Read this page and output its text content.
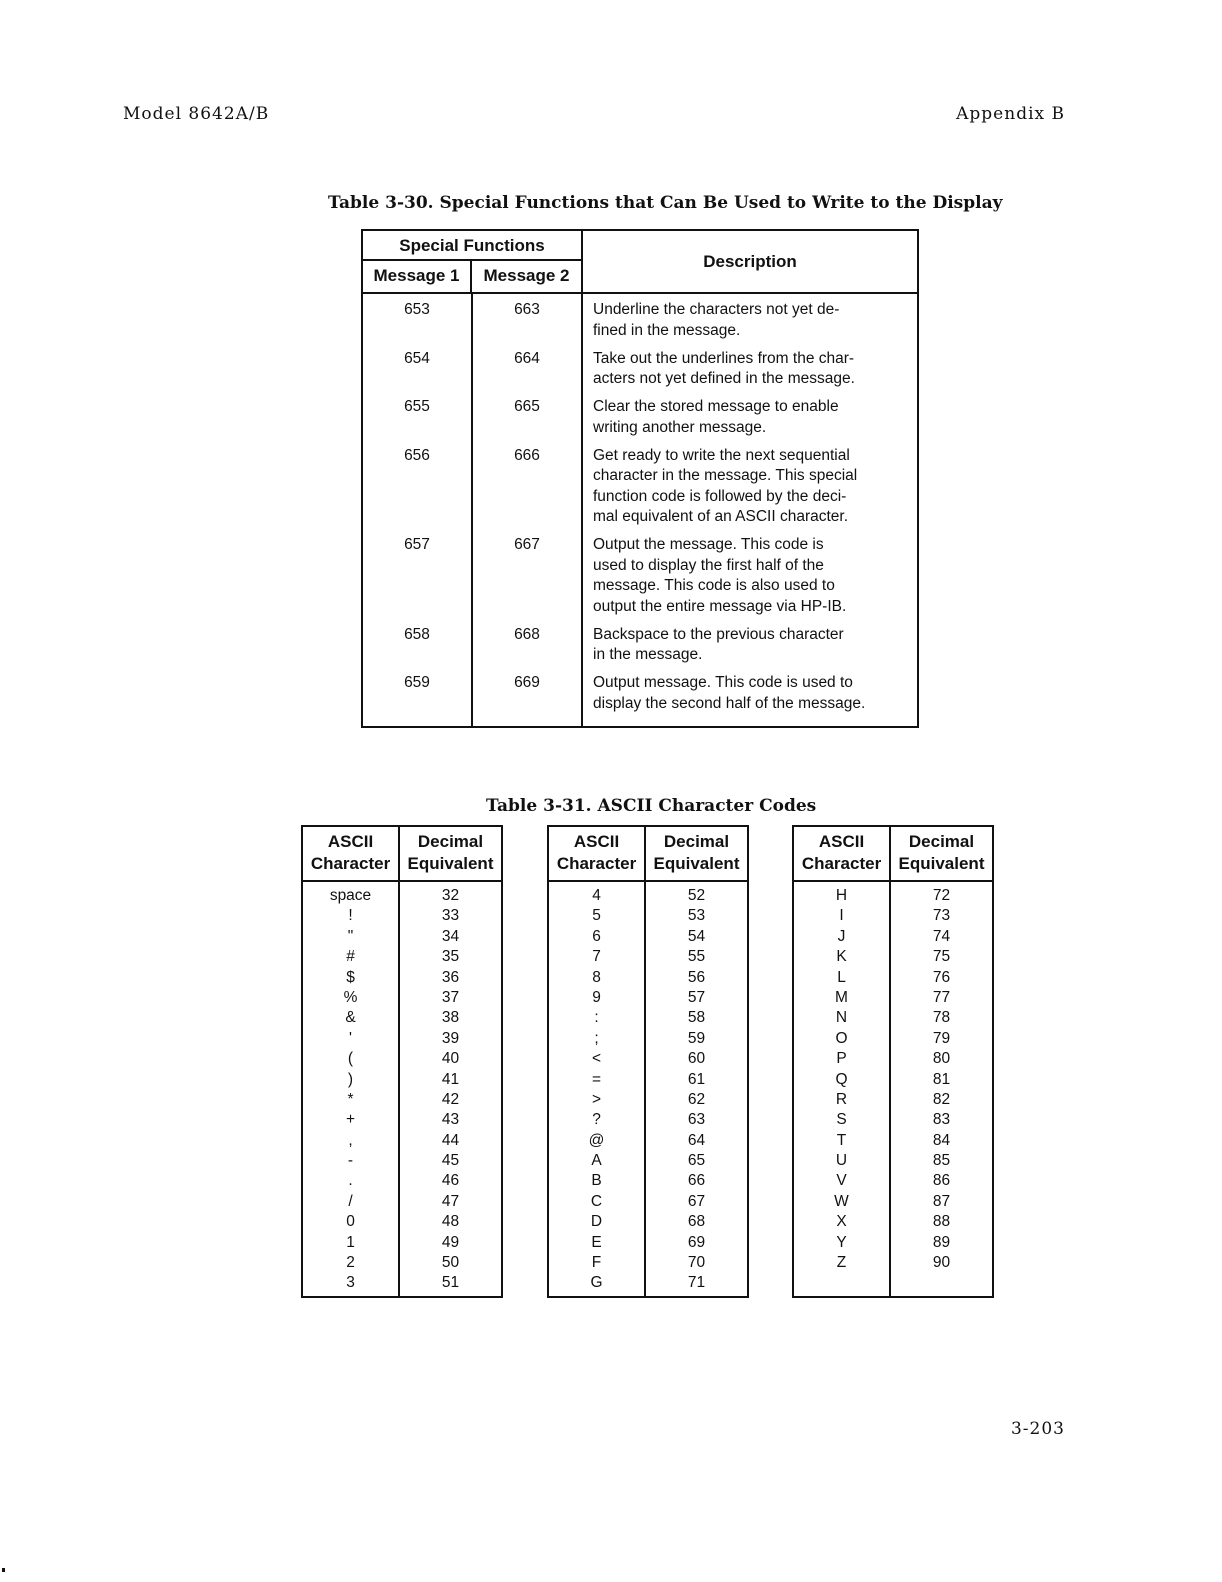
Model 8642A/B	Appendix B
Table 3-30. Special Functions that Can Be Used to Write to the Display
Special Functions
Message 1	Message 2
Description
653
654
655
656
657
658
659
663
664
665
666
667
668
669
Underline the characters not yet de-
fined in the message.
Take out the underlines from the char-
acters not yet defined in the message.
Clear the stored message to enable
writing another message.
Get ready to write the next sequential
character in the message. This special
function code is followed by the deci-
mal equivalent of an ASCII character.
Output the message. This code is
used to display the first half of the
message. This code is also used to
output the entire message via HP-IB.
Backspace to the previous character
in the message.
Output message. This code is used to
display the second half of the message.
Table 3-31. ASCII Character Codes
ASCII
Character
Decimal
Equivalent
space
!
"
#
$
%
&
'
(
)
*
+
,
-
.
/
0
1
2
3
32
33
34
35
36
37
38
39
40
41
42
43
44
45
46
47
48
49
50
51
ASCII
Character
Decimal
Equivalent
4
5
6
7
8
9
:
;
<
=
>
?
@
A
B
C
D
E
F
G
52
53
54
55
56
57
58
59
60
61
62
63
64
65
66
67
68
69
70
71
ASCII
Character
Decimal
Equivalent
H
I
J
K
L
M
N
O
P
Q
R
S
T
U
V
W
X
Y
Z
72
73
74
75
76
77
78
79
80
81
82
83
84
85
86
87
88
89
90
3-203
